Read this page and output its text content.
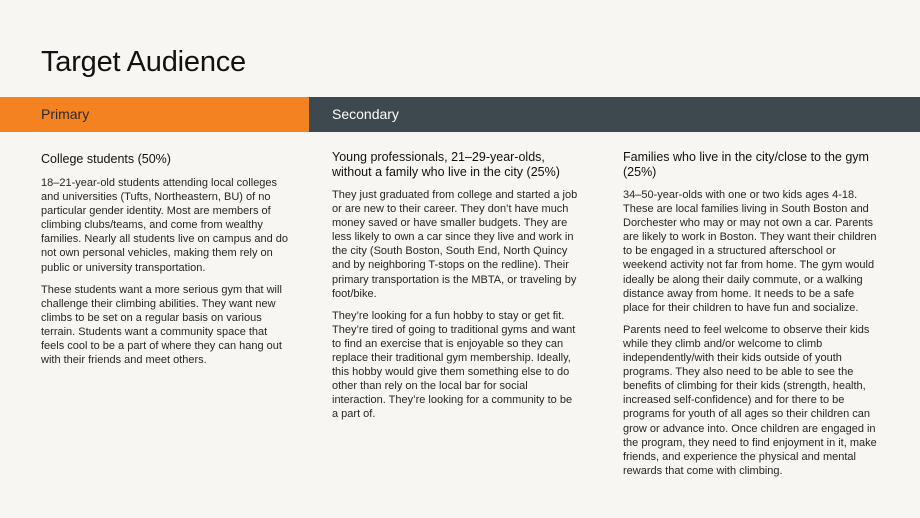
Target Audience
Primary	Secondary
College students (50%)

18–21-year-old students attending local colleges and universities (Tufts, Northeastern, BU) of no particular gender identity. Most are members of climbing clubs/teams, and come from wealthy families. Nearly all students live on campus and do not own personal vehicles, making them rely on public or university transportation.

These students want a more serious gym that will challenge their climbing abilities. They want new climbs to be set on a regular basis on various terrain. Students want a community space that feels cool to be a part of where they can hang out with their friends and meet others.

Young professionals, 21–29-year-olds, without a family who live in the city (25%)

They just graduated from college and started a job or are new to their career. They don’t have much money saved or have smaller budgets. They are less likely to own a car since they live and work in the city (South Boston, South End, North Quincy and by neighboring T-stops on the redline). Their primary transportation is the MBTA, or traveling by foot/bike.

They’re looking for a fun hobby to stay or get fit. They’re tired of going to traditional gyms and want to find an exercise that is enjoyable so they can replace their traditional gym membership. Ideally, this hobby would give them something else to do other than rely on the local bar for social interaction. They’re looking for a community to be a part of.

Families who live in the city/close to the gym (25%)

34–50-year-olds with one or two kids ages 4-18. These are local families living in South Boston and Dorchester who may or may not own a car. Parents are likely to work in Boston. They want their children to be engaged in a structured afterschool or weekend activity not far from home. The gym would ideally be along their daily commute, or a walking distance away from home. It needs to be a safe place for their children to have fun and socialize.

Parents need to feel welcome to observe their kids while they climb and/or welcome to climb independently/with their kids outside of youth programs. They also need to be able to see the benefits of climbing for their kids (strength, health, increased self-confidence) and for there to be programs for youth of all ages so their children can grow or advance into. Once children are engaged in the program, they need to find enjoyment in it, make friends, and experience the physical and mental rewards that come with climbing.
